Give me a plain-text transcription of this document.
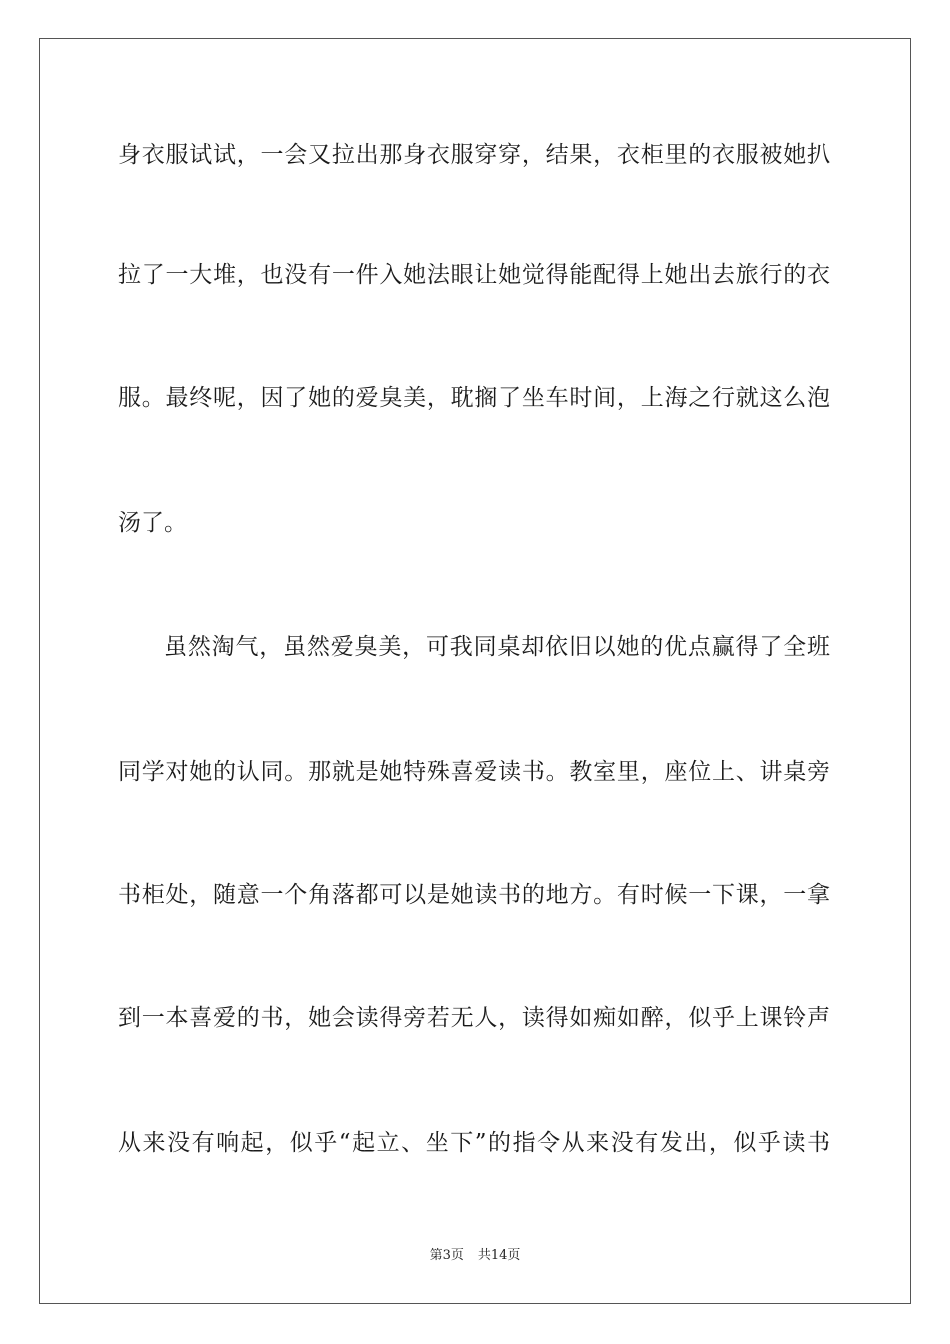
身衣服试试，一会又拉出那身衣服穿穿，结果，衣柜里的衣服被她扒
拉了一大堆，也没有一件入她法眼让她觉得能配得上她出去旅行的衣
服。最终呢，因了她的爱臭美，耽搁了坐车时间，上海之行就这么泡
汤了。
虽然淘气，虽然爱臭美，可我同桌却依旧以她的优点赢得了全班
同学对她的认同。那就是她特殊喜爱读书。教室里，座位上、讲桌旁
书柜处，随意一个角落都可以是她读书的地方。有时候一下课，一拿
到一本喜爱的书，她会读得旁若无人，读得如痴如醉，似乎上课铃声
从来没有响起，似乎“起立、坐下”的指令从来没有发出，似乎读书
第3页 共14页
